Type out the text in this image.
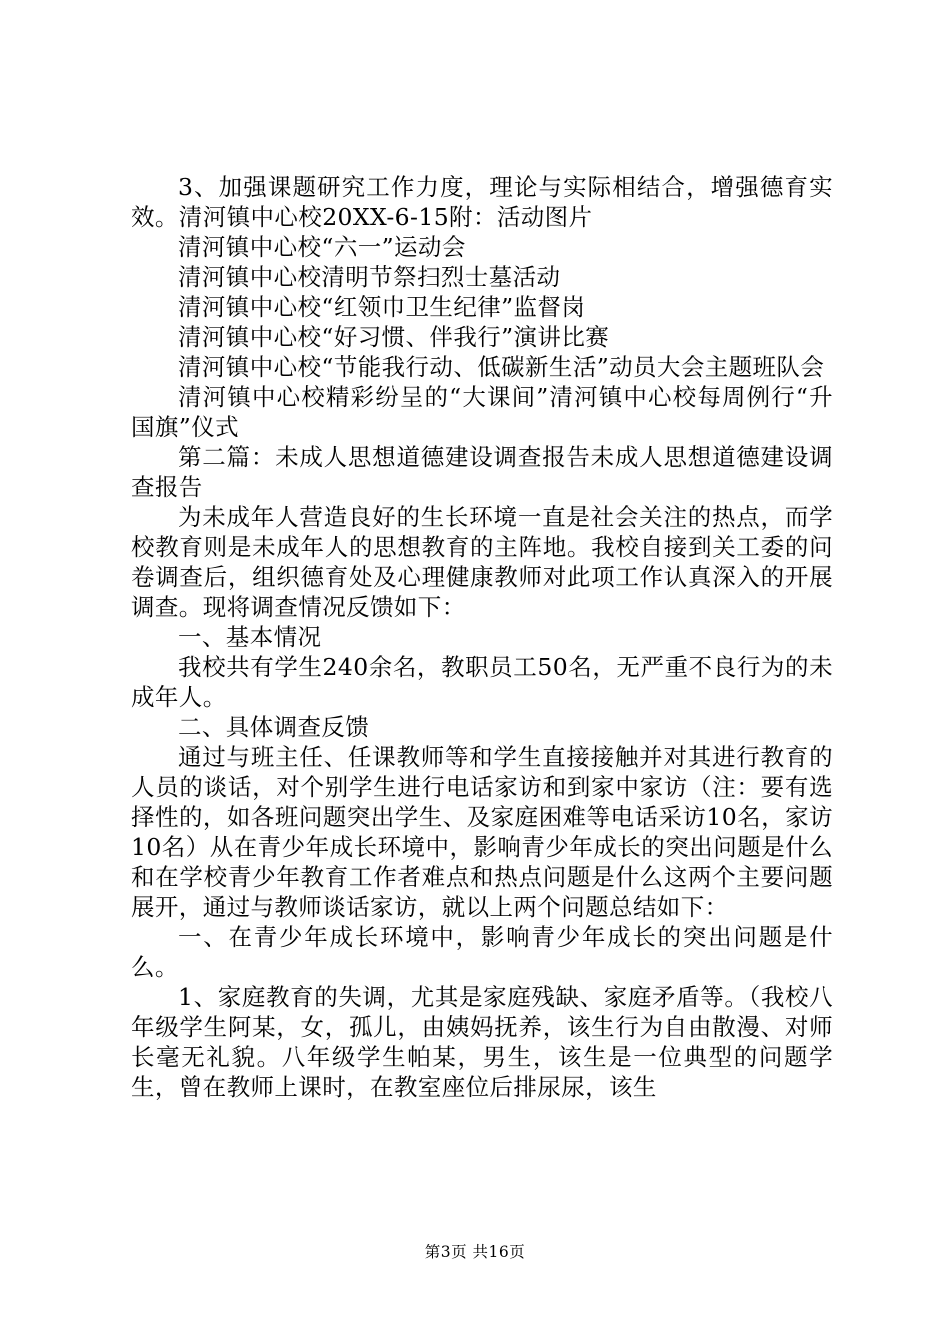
3、加强课题研究工作力度，理论与实际相结合，增强德育实效。清河镇中心校20XX-6-15附：活动图片

清河镇中心校“六一”运动会

清河镇中心校清明节祭扫烈士墓活动

清河镇中心校“红领巾卫生纪律”监督岗

清河镇中心校“好习惯、伴我行”演讲比赛

清河镇中心校“节能我行动、低碳新生活”动员大会主题班队会

清河镇中心校精彩纷呈的“大课间”清河镇中心校每周例行“升国旗”仪式

第二篇：未成人思想道德建设调查报告未成人思想道德建设调查报告

为未成年人营造良好的生长环境一直是社会关注的热点，而学校教育则是未成年人的思想教育的主阵地。我校自接到关工委的问卷调查后，组织德育处及心理健康教师对此项工作认真深入的开展调查。现将调查情况反馈如下：

一、基本情况

我校共有学生240余名，教职员工50名，无严重不良行为的未成年人。

二、具体调查反馈

通过与班主任、任课教师等和学生直接接触并对其进行教育的人员的谈话，对个别学生进行电话家访和到家中家访（注：要有选择性的，如各班问题突出学生、及家庭困难等电话采访10名，家访10名）从在青少年成长环境中，影响青少年成长的突出问题是什么和在学校青少年教育工作者难点和热点问题是什么这两个主要问题展开，通过与教师谈话家访，就以上两个问题总结如下：

一、在青少年成长环境中，影响青少年成长的突出问题是什么。

1、家庭教育的失调，尤其是家庭残缺、家庭矛盾等。（我校八年级学生阿某，女，孤儿，由姨妈抚养，该生行为自由散漫、对师长毫无礼貌。八年级学生帕某，男生，该生是一位典型的问题学生，曾在教师上课时，在教室座位后排尿尿，该生

第3页 共16页
